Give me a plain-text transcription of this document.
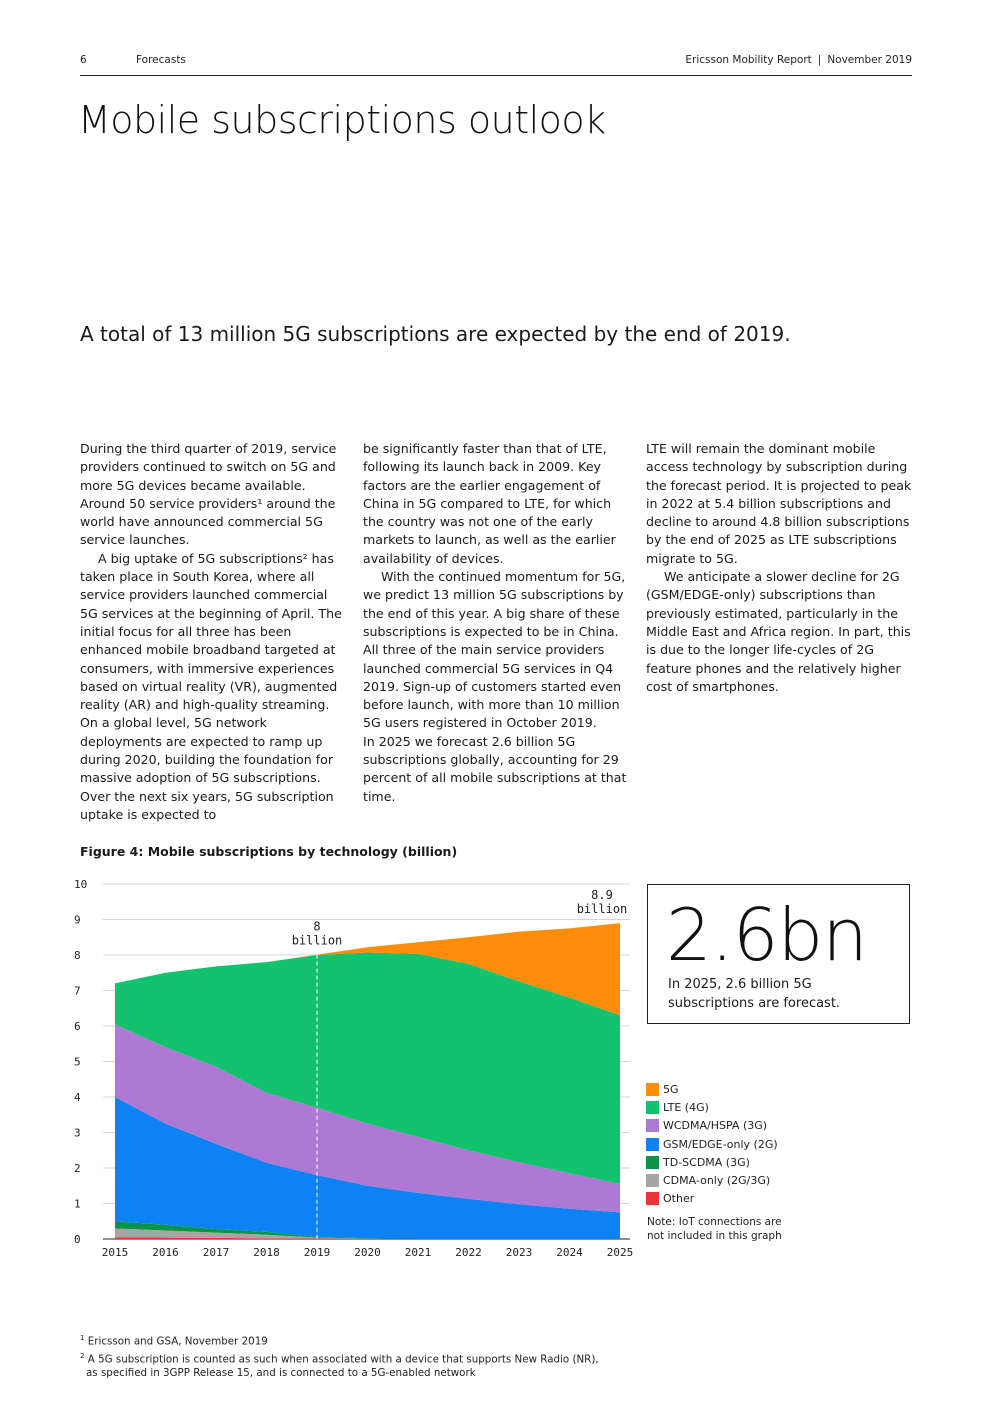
6	Forecasts	Ericsson Mobility Report | November 2019
Mobile subscriptions outlook
A total of 13 million 5G subscriptions are expected by the end of 2019.

During the third quarter of 2019, service providers continued to switch on 5G and more 5G devices became available. Around 50 service providers¹ around the world have announced commercial 5G service launches.

A big uptake of 5G subscriptions² has taken place in South Korea, where all service providers launched commercial 5G services at the beginning of April. The initial focus for all three has been enhanced mobile broadband targeted at consumers, with immersive experiences based on virtual reality (VR), augmented reality (AR) and high-quality streaming. On a global level, 5G network deployments are expected to ramp up during 2020, building the foundation for massive adoption of 5G subscriptions. Over the next six years, 5G subscription uptake is expected to

be significantly faster than that of LTE, following its launch back in 2009. Key factors are the earlier engagement of China in 5G compared to LTE, for which the country was not one of the early markets to launch, as well as the earlier availability of devices.

With the continued momentum for 5G, we predict 13 million 5G subscriptions by the end of this year. A big share of these subscriptions is expected to be in China. All three of the main service providers launched commercial 5G services in Q4 2019. Sign-up of customers started even before launch, with more than 10 million 5G users registered in October 2019.

In 2025 we forecast 2.6 billion 5G subscriptions globally, accounting for 29 percent of all mobile subscriptions at that time.

LTE will remain the dominant mobile access technology by subscription during the forecast period. It is projected to peak in 2022 at 5.4 billion subscriptions and decline to around 4.8 billion subscriptions by the end of 2025 as LTE subscriptions migrate to 5G.

We anticipate a slower decline for 2G (GSM/EDGE-only) subscriptions than previously estimated, particularly in the Middle East and Africa region. In part, this is due to the longer life-cycles of 2G feature phones and the relatively higher cost of smartphones.

Figure 4: Mobile subscriptions by technology (billion)
0
1
2
3
4
5
6
7
8
9
10
2015 2016 2017 2018 2019 2020 2021 2022 2023 2024 2025
8
billion
8.9
billion 2.6bn
In 2025, 2.6 billion 5G subscriptions are forecast.
5G
LTE (4G)
WCDMA/HSPA (3G)
GSM/EDGE-only (2G)
TD-SCDMA (3G)
CDMA-only (2G/3G)
Other
Note: IoT connections are not included in this graph
$^1$ Ericsson and GSA, November 2019
$^2$ A 5G subscription is counted as such when associated with a device that supports New Radio (NR),
as specified in 3GPP Release 15, and is connected to a 5G-enabled network
